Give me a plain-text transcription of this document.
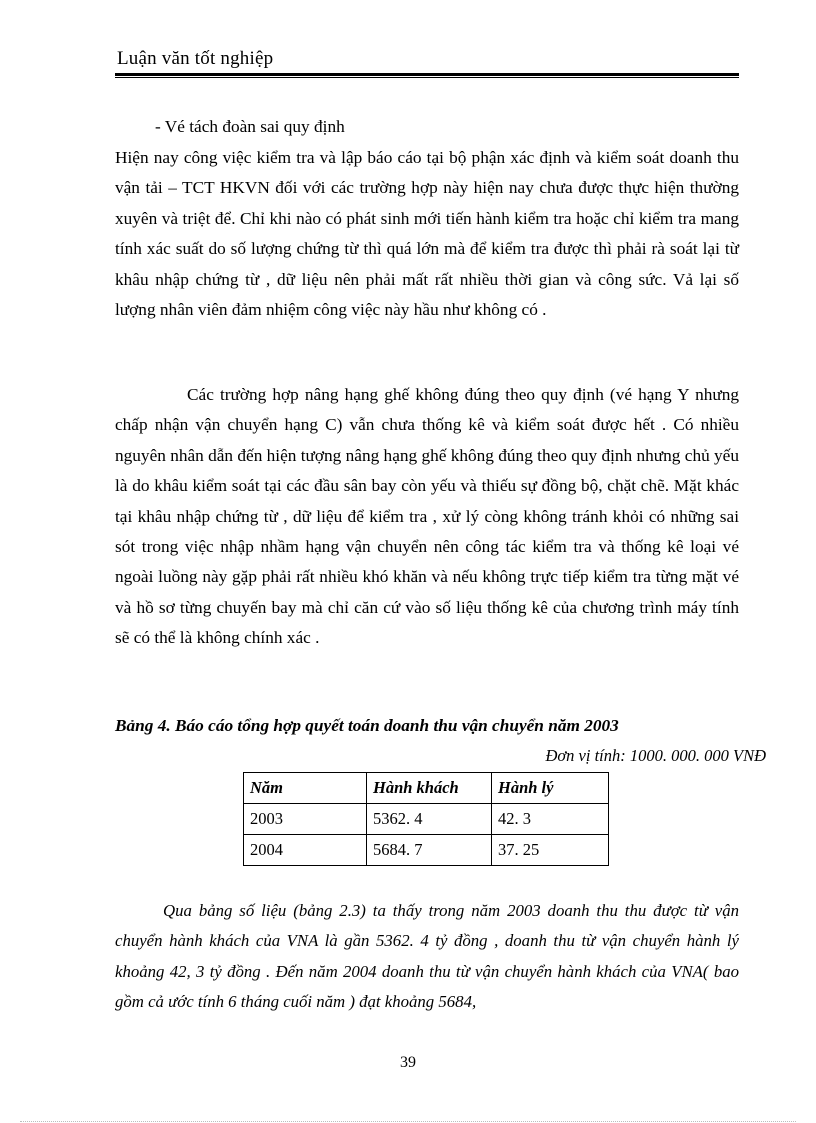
Luận văn tốt nghiệp
- Vé tách đoàn sai quy định

Hiện nay công việc kiểm tra và lập báo cáo tại bộ phận xác định và kiểm soát doanh thu vận tải – TCT HKVN đối với các trường hợp này hiện nay chưa được thực hiện thường xuyên và triệt để. Chỉ khi nào có phát sinh mới tiến hành kiểm tra hoặc chỉ kiểm tra mang tính xác suất do số lượng chứng từ thì quá lớn mà để kiểm tra được thì phải rà soát lại từ khâu nhập chứng từ , dữ liệu nên phải mất rất nhiều thời gian và công sức. Vả lại số lượng nhân viên đảm nhiệm công việc này hầu như không có .

Các trường hợp nâng hạng ghế không đúng theo quy định (vé hạng Y nhưng chấp nhận vận chuyển hạng C) vẫn chưa thống kê và kiểm soát được hết . Có nhiều nguyên nhân dẫn đến hiện tượng nâng hạng ghế không đúng theo quy định nhưng chủ yếu là do khâu kiểm soát tại các đầu sân bay còn yếu và thiếu sự đồng bộ, chặt chẽ. Mặt khác tại khâu nhập chứng từ , dữ liệu để kiểm tra , xử lý còng không tránh khỏi có những sai sót trong việc nhập nhầm hạng vận chuyển nên công tác kiểm tra và thống kê loại vé ngoài luồng này gặp phải rất nhiều khó khăn và nếu không trực tiếp kiểm tra từng mặt vé và hồ sơ từng chuyến bay mà chỉ căn cứ vào số liệu thống kê của chương trình máy tính sẽ có thể là không chính xác .

Bảng 4. Báo cáo tổng hợp quyết toán doanh thu vận chuyển năm 2003
Đơn vị tính: 1000. 000. 000 VNĐ
Năm	Hành khách	Hành lý
2003	5362. 4	42. 3
2004	5684. 7	37. 25

Qua bảng số liệu (bảng 2.3) ta thấy trong năm 2003 doanh thu thu được từ vận chuyển hành khách của VNA là gần 5362. 4 tỷ đồng , doanh thu từ vận chuyển hành lý khoảng 42, 3 tỷ đồng . Đến năm 2004 doanh thu từ vận chuyển hành khách của VNA( bao gồm cả ước tính 6 tháng cuối năm ) đạt khoảng 5684,

39
